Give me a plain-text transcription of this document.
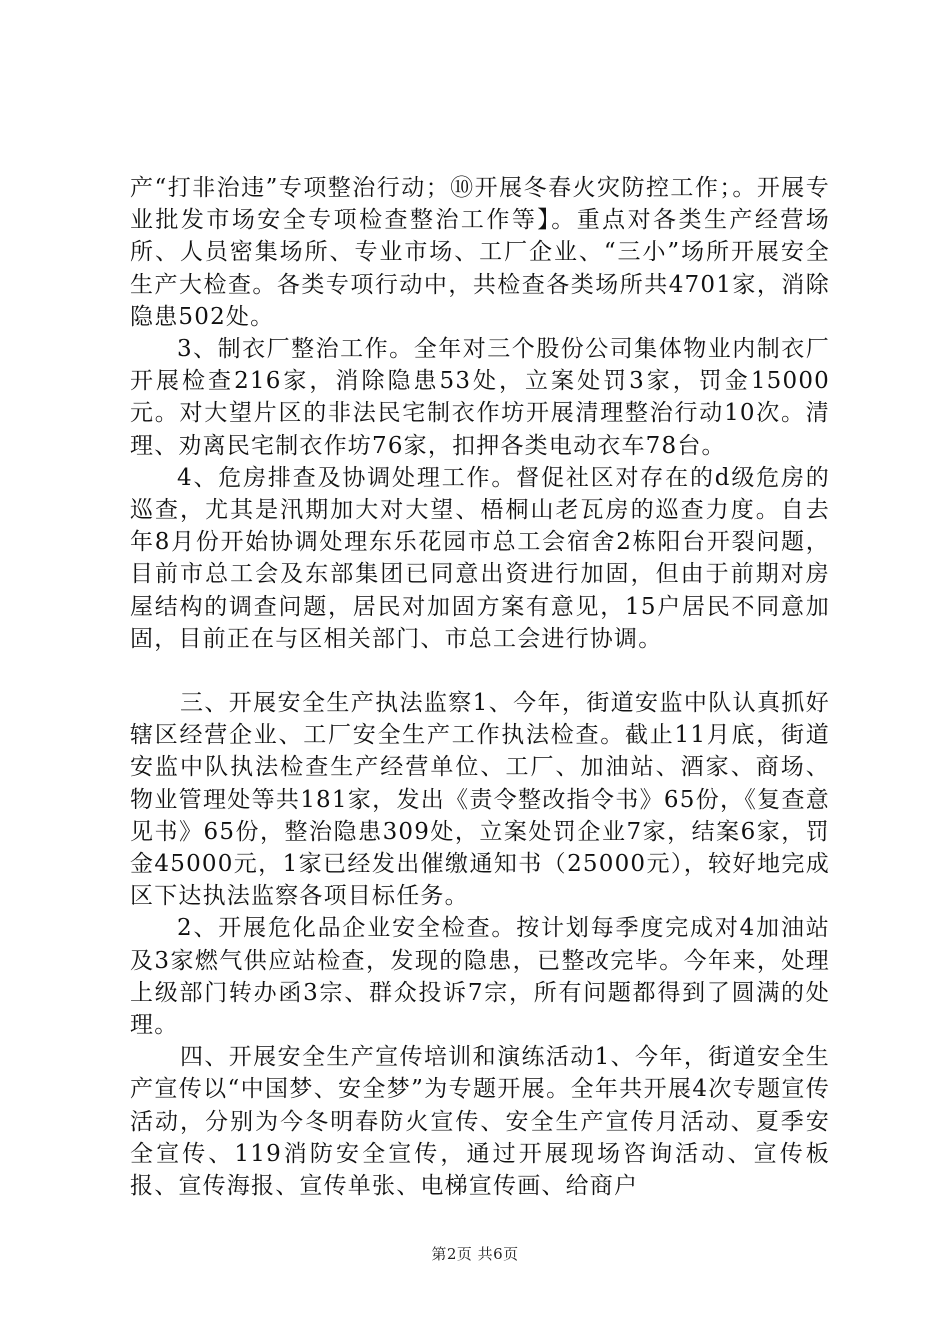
产“打非治违”专项整治行动；⑩开展冬春火灾防控工作；。开展专业批发市场安全专项检查整治工作等】。重点对各类生产经营场所、人员密集场所、专业市场、工厂企业、“三小”场所开展安全生产大检查。各类专项行动中，共检查各类场所共4701家，消除隐患502处。

3、制衣厂整治工作。全年对三个股份公司集体物业内制衣厂开展检查216家，消除隐患53处，立案处罚3家，罚金15000元。对大望片区的非法民宅制衣作坊开展清理整治行动10次。清理、劝离民宅制衣作坊76家，扣押各类电动衣车78台。

4、危房排查及协调处理工作。督促社区对存在的d级危房的巡查，尤其是汛期加大对大望、梧桐山老瓦房的巡查力度。自去年8月份开始协调处理东乐花园市总工会宿舍2栋阳台开裂问题，目前市总工会及东部集团已同意出资进行加固，但由于前期对房屋结构的调查问题，居民对加固方案有意见，15户居民不同意加固，目前正在与区相关部门、市总工会进行协调。

三、开展安全生产执法监察1、今年，街道安监中队认真抓好辖区经营企业、工厂安全生产工作执法检查。截止11月底，街道安监中队执法检查生产经营单位、工厂、加油站、酒家、商场、物业管理处等共181家，发出《责令整改指令书》65份，《复查意见书》65份，整治隐患309处，立案处罚企业7家，结案6家，罚金45000元，1家已经发出催缴通知书（25000元），较好地完成区下达执法监察各项目标任务。

2、开展危化品企业安全检查。按计划每季度完成对4加油站及3家燃气供应站检查，发现的隐患，已整改完毕。今年来，处理上级部门转办函3宗、群众投诉7宗，所有问题都得到了圆满的处理。

四、开展安全生产宣传培训和演练活动1、今年，街道安全生产宣传以“中国梦、安全梦”为专题开展。全年共开展4次专题宣传活动，分别为今冬明春防火宣传、安全生产宣传月活动、夏季安全宣传、119消防安全宣传，通过开展现场咨询活动、宣传板报、宣传海报、宣传单张、电梯宣传画、给商户

第2页 共6页
